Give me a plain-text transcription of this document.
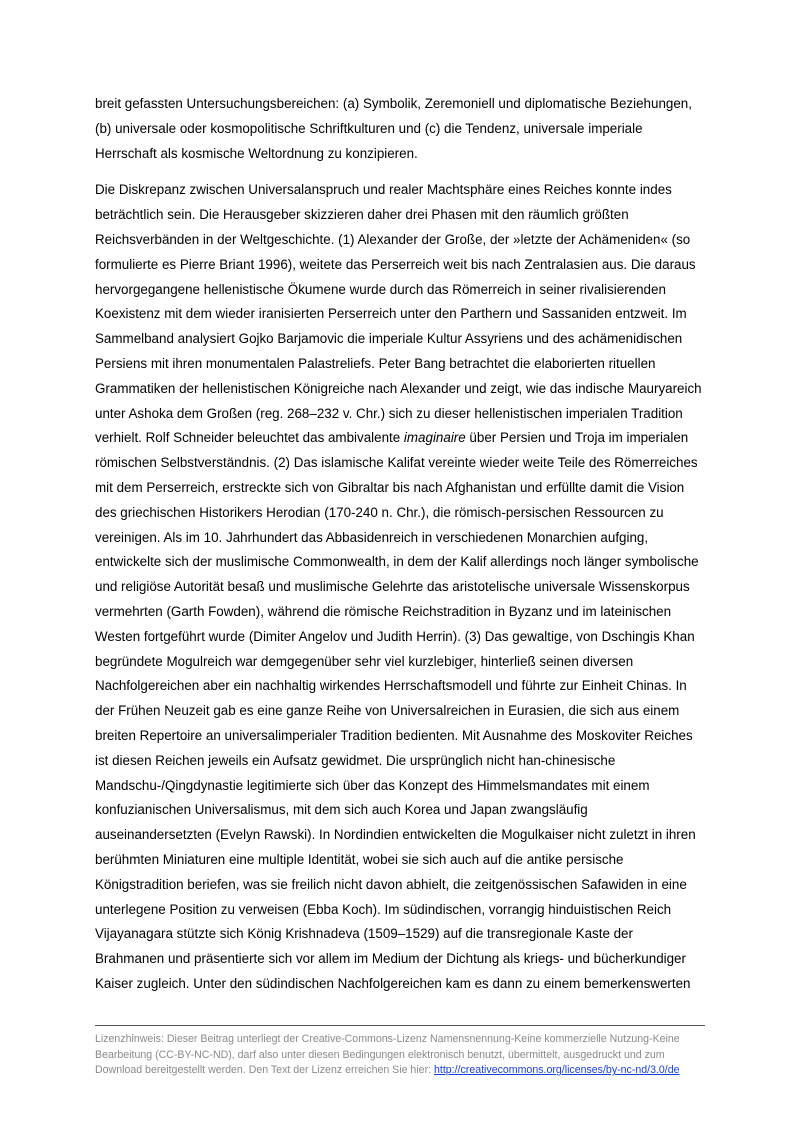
breit gefassten Untersuchungsbereichen: (a) Symbolik, Zeremoniell und diplomatische Beziehungen,
(b) universale oder kosmopolitische Schriftkulturen und (c) die Tendenz, universale imperiale
Herrschaft als kosmische Weltordnung zu konzipieren.
Die Diskrepanz zwischen Universalanspruch und realer Machtsphäre eines Reiches konnte indes
beträchtlich sein. Die Herausgeber skizzieren daher drei Phasen mit den räumlich größten
Reichsverbänden in der Weltgeschichte. (1) Alexander der Große, der »letzte der Achämeniden« (so
formulierte es Pierre Briant 1996), weitete das Perserreich weit bis nach Zentralasien aus. Die daraus
hervorgegangene hellenistische Ökumene wurde durch das Römerreich in seiner rivalisierenden
Koexistenz mit dem wieder iranisierten Perserreich unter den Parthern und Sassaniden entzweit. Im
Sammelband analysiert Gojko Barjamovic die imperiale Kultur Assyriens und des achämenidischen
Persiens mit ihren monumentalen Palastreliefs. Peter Bang betrachtet die elaborierten rituellen
Grammatiken der hellenistischen Königreiche nach Alexander und zeigt, wie das indische Mauryareich
unter Ashoka dem Großen (reg. 268–232 v. Chr.) sich zu dieser hellenistischen imperialen Tradition
verhielt. Rolf Schneider beleuchtet das ambivalente imaginaire über Persien und Troja im imperialen
römischen Selbstverständnis. (2) Das islamische Kalifat vereinte wieder weite Teile des Römerreiches
mit dem Perserreich, erstreckte sich von Gibraltar bis nach Afghanistan und erfüllte damit die Vision
des griechischen Historikers Herodian (170-240 n. Chr.), die römisch-persischen Ressourcen zu
vereinigen. Als im 10. Jahrhundert das Abbasidenreich in verschiedenen Monarchien aufging,
entwickelte sich der muslimische Commonwealth, in dem der Kalif allerdings noch länger symbolische
und religiöse Autorität besaß und muslimische Gelehrte das aristotelische universale Wissenskorpus
vermehrten (Garth Fowden), während die römische Reichstradition in Byzanz und im lateinischen
Westen fortgeführt wurde (Dimiter Angelov und Judith Herrin). (3) Das gewaltige, von Dschingis Khan
begründete Mogulreich war demgegenüber sehr viel kurzlebiger, hinterließ seinen diversen
Nachfolgereichen aber ein nachhaltig wirkendes Herrschaftsmodell und führte zur Einheit Chinas. In
der Frühen Neuzeit gab es eine ganze Reihe von Universalreichen in Eurasien, die sich aus einem
breiten Repertoire an universalimperialer Tradition bedienten. Mit Ausnahme des Moskoviter Reiches
ist diesen Reichen jeweils ein Aufsatz gewidmet. Die ursprünglich nicht han-chinesische
Mandschu-/Qingdynastie legitimierte sich über das Konzept des Himmelsmandates mit einem
konfuzianischen Universalismus, mit dem sich auch Korea und Japan zwangsläufig
auseinandersetzten (Evelyn Rawski). In Nordindien entwickelten die Mogulkaiser nicht zuletzt in ihren
berühmten Miniaturen eine multiple Identität, wobei sie sich auch auf die antike persische
Königstradition beriefen, was sie freilich nicht davon abhielt, die zeitgenössischen Safawiden in eine
unterlegene Position zu verweisen (Ebba Koch). Im südindischen, vorrangig hinduistischen Reich
Vijayanagara stützte sich König Krishnadeva (1509–1529) auf die transregionale Kaste der
Brahmanen und präsentierte sich vor allem im Medium der Dichtung als kriegs- und bücherkundiger
Kaiser zugleich. Unter den südindischen Nachfolgereichen kam es dann zu einem bemerkenswerten
Lizenzhinweis: Dieser Beitrag unterliegt der Creative-Commons-Lizenz Namensnennung-Keine kommerzielle Nutzung-Keine
Bearbeitung (CC-BY-NC-ND), darf also unter diesen Bedingungen elektronisch benutzt, übermittelt, ausgedruckt und zum
Download bereitgestellt werden. Den Text der Lizenz erreichen Sie hier: http://creativecommons.org/licenses/by-nc-nd/3.0/de
